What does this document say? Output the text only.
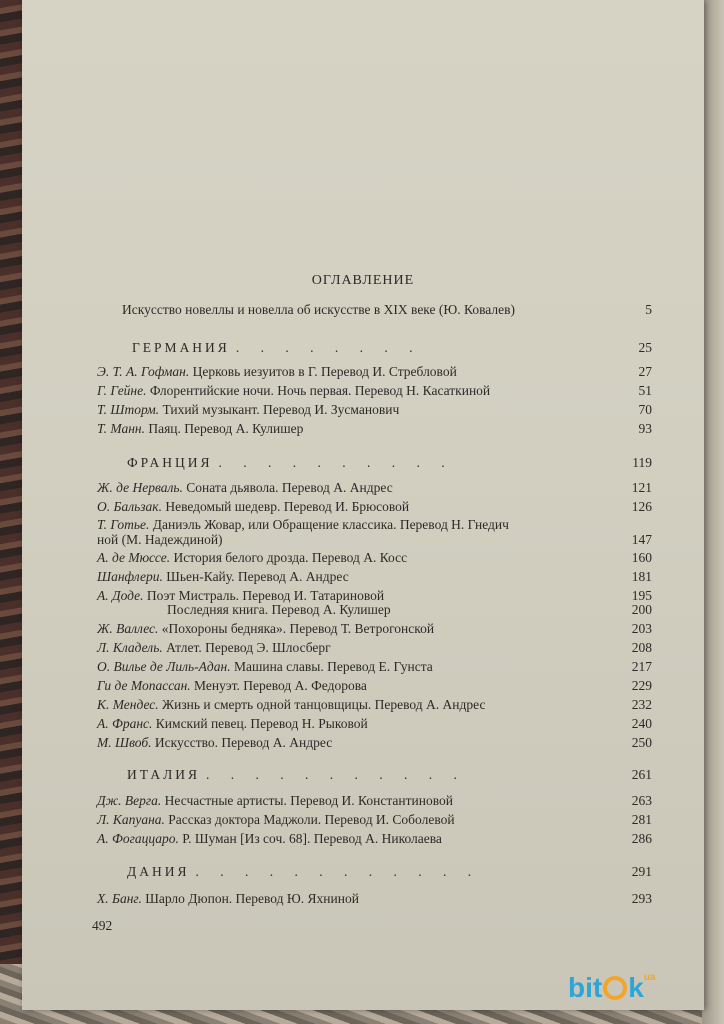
ОГЛАВЛЕНИЕ
Искусство новеллы и новелла об искусстве в XIX веке (Ю. Ковалев)	5
ГЕРМАНИЯ . . . . . . . .	25
Э. Т. А. Гофман. Церковь иезуитов в Г. Перевод И. Стребловой	27
Г. Гейне. Флорентийские ночи. Ночь первая. Перевод Н. Касаткиной	51
Т. Шторм. Тихий музыкант. Перевод И. Зусманович	70
Т. Манн. Паяц. Перевод А. Кулишер	93
ФРАНЦИЯ . . . . . . . . . .	119
Ж. де Нерваль. Соната дьявола. Перевод А. Андрес	121
О. Бальзак. Неведомый шедевр. Перевод И. Брюсовой	126
Т. Готье. Даниэль Жовар, или Обращение классика. Перевод Н. Гнедич
ной (М. Надеждиной)	147
А. де Мюссе. История белого дрозда. Перевод А. Косс	160
Шанфлери. Шьен-Кайу. Перевод А. Андрес	181
А. Доде. Поэт Мистраль. Перевод И. Татариновой	195
Последняя книга. Перевод А. Кулишер	200
Ж. Валлес. «Похороны бедняка». Перевод Т. Ветрогонской	203
Л. Кладель. Атлет. Перевод Э. Шлосберг	208
О. Вилье де Лиль-Адан. Машина славы. Перевод Е. Гунста	217
Ги де Мопассан. Менуэт. Перевод А. Федорова	229
К. Мендес. Жизнь и смерть одной танцовщицы. Перевод А. Андрес	232
А. Франс. Кимский певец. Перевод Н. Рыковой	240
М. Швоб. Искусство. Перевод А. Андрес	250
ИТАЛИЯ . . . . . . . . . . .	261
Дж. Верга. Несчастные артисты. Перевод И. Константиновой	263
Л. Капуана. Рассказ доктора Маджоли. Перевод И. Соболевой	281
А. Фогаццаро. Р. Шуман [Из соч. 68]. Перевод А. Николаева	286
ДАНИЯ . . . . . . . . . . . .	291
Х. Банг. Шарло Дюпон. Перевод Ю. Яхниной	293
492
bit $k^{ua}$
